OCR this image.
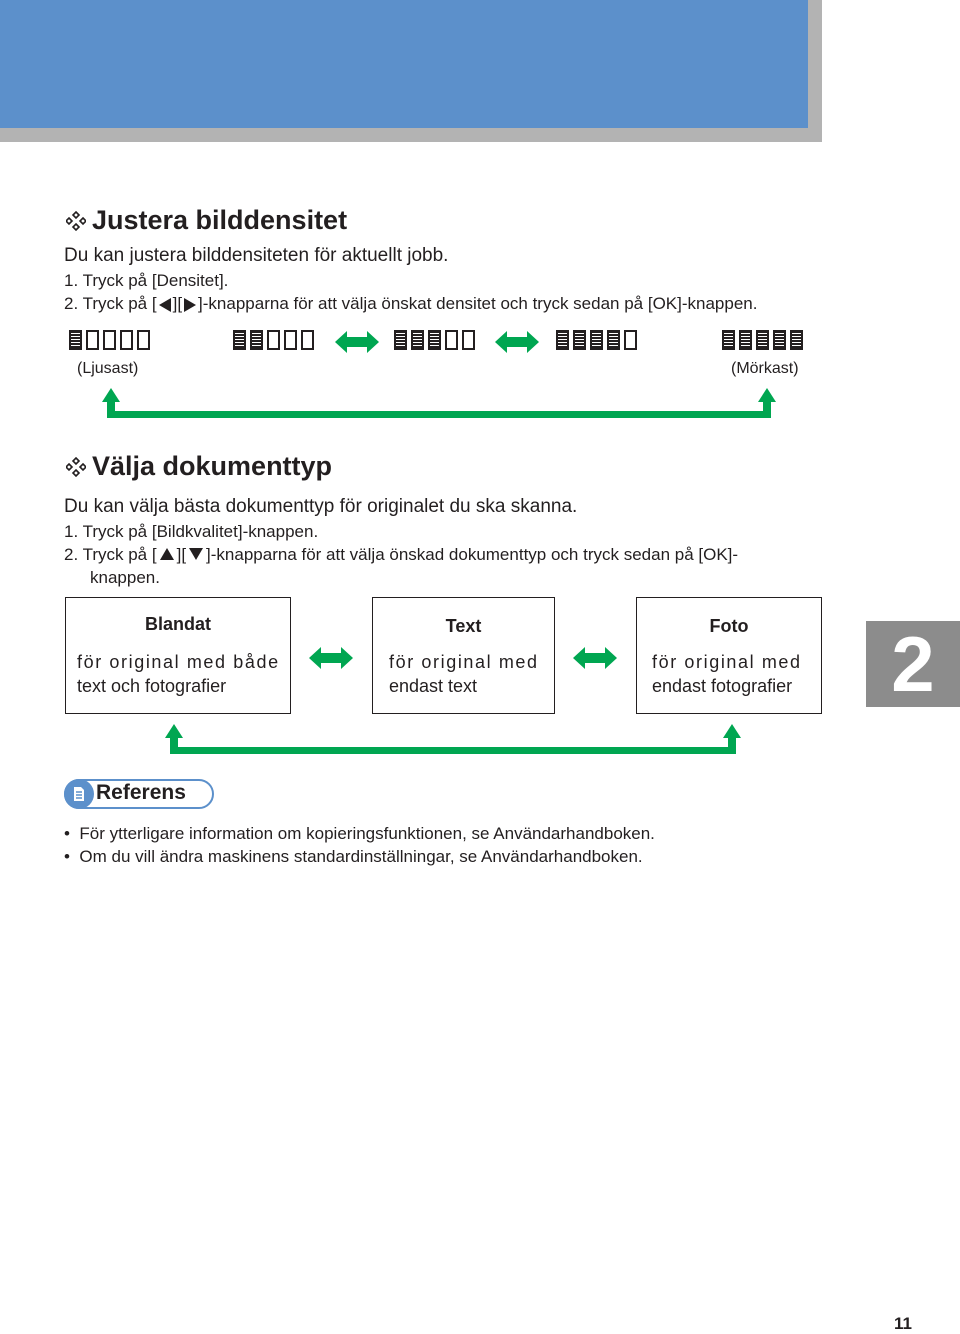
Justera bilddensitet
Du kan justera bilddensiteten för aktuellt jobb.
1. Tryck på [Densitet].
2. Tryck på [ ][ ]-knapparna för att välja önskat densitet och tryck sedan på [OK]-knappen.
(Ljusast)	(Mörkast)
Välja dokumenttyp
Du kan välja bästa dokumenttyp för originalet du ska skanna.
1. Tryck på [Bildkvalitet]-knappen.
2. Tryck på [ ][ ]-knapparna för att välja önskad dokumenttyp och tryck sedan på [OK]-
knappen.
Blandat
för original med både
text och fotografier
Text
för original med
endast text
Foto
för original med
endast fotografier	2
Referens
•  För ytterligare information om kopieringsfunktionen, se Användarhandboken.
•  Om du vill ändra maskinens standardinställningar, se Användarhandboken.
11
